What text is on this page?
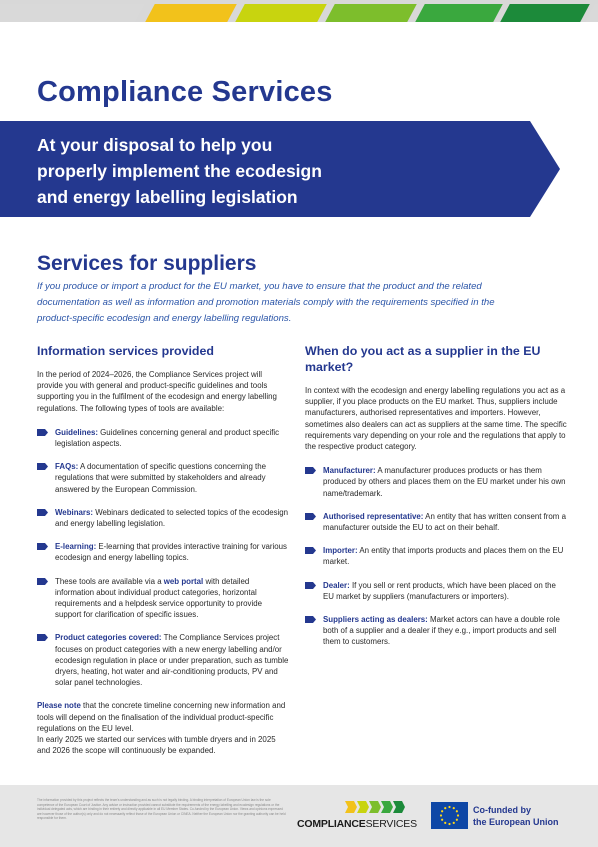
Compliance Services
At your disposal to help you
properly implement the ecodesign
and energy labelling legislation
Services for suppliers
If you produce or import a product for the EU market, you have to ensure that the product and the related
documentation as well as information and promotion materials comply with the requirements specified in the
product-specific ecodesign and energy labelling regulations.
Information services provided

In the period of 2024–2026, the Compliance Services project will provide you with general and product-specific guidelines and tools supporting you in the fulfilment of the ecodesign and energy labelling regulations. The following types of tools are available:

Guidelines: Guidelines concerning general and product specific legislation aspects.
FAQs: A documentation of specific questions concerning the regulations that were submitted by stakeholders and already answered by the European Commission.
Webinars: Webinars dedicated to selected topics of the ecodesign and energy labelling legislation.
E-learning: E-learning that provides interactive training for various ecodesign and energy labelling topics.
These tools are available via a web portal with detailed information about individual product categories, horizontal requirements and a helpdesk service opportunity to provide support for clarification of specific issues.
Product categories covered: The Compliance Services project focuses on product categories with a new energy labelling and/or ecodesign regulation in place or under preparation, such as tumble dryers, heating, hot water and air-conditioning products, PV and solar panel technologies.

Please note that the concrete timeline concerning new information and tools will depend on the finalisation of the individual product-specific regulations on the EU level.

In early 2025 we started our services with tumble dryers and in 2025 and 2026 the scope will continuously be expanded.

When do you act as a supplier in the EU market?

In context with the ecodesign and energy labelling regulations you act as a supplier, if you place products on the EU market. Thus, suppliers include manufacturers, authorised representatives and importers. However, sometimes also dealers can act as suppliers at the same time. The specific requirements vary depending on your role and the regulations that apply to the respective product category.

Manufacturer: A manufacturer produces products or has them produced by others and places them on the EU market under his own name/trademark.
Authorised representative: An entity that has written consent from a manufacturer outside the EU to act on their behalf.
Importer: An entity that imports products and places them on the EU market.
Dealer: If you sell or rent products, which have been placed on the EU market by suppliers (manufacturers or importers).
Suppliers acting as dealers: Market actors can have a double role both of a supplier and a dealer if they e.g., import products and sell them to customers.
The information provided by this project reflects the team's understanding and as such is not legally binding. A binding interpretation of European Union law is the sole competence of the European Court of Justice. Any advice or instruction provided cannot substitute the requirements of the energy labelling and ecodesign regulations or the individual delegated acts, which are binding in their entirety and directly applicable in all EU Member States. Co-funded by the European Union. Views and opinions expressed are however those of the author(s) only and do not necessarily reflect those of the European Union or CINEA. Neither the European Union nor the granting authority can be held responsible for them.	COMPLIANCESERVICES
Co-funded by
the European Union
